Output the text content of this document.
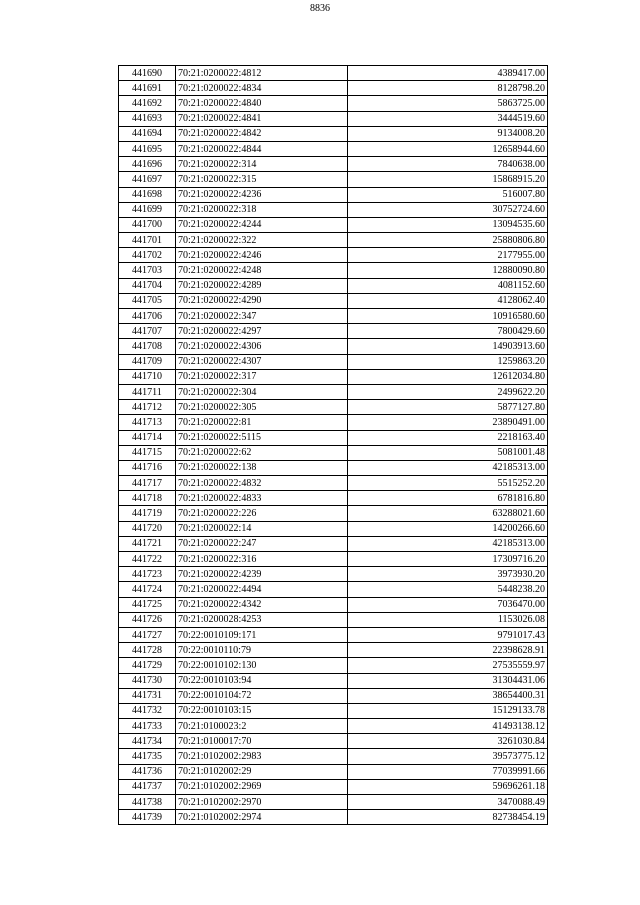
8836
441690	70:21:0200022:4812	4389417.00
441691	70:21:0200022:4834	8128798.20
441692	70:21:0200022:4840	5863725.00
441693	70:21:0200022:4841	3444519.60
441694	70:21:0200022:4842	9134008.20
441695	70:21:0200022:4844	12658944.60
441696	70:21:0200022:314	7840638.00
441697	70:21:0200022:315	15868915.20
441698	70:21:0200022:4236	516007.80
441699	70:21:0200022:318	30752724.60
441700	70:21:0200022:4244	13094535.60
441701	70:21:0200022:322	25880806.80
441702	70:21:0200022:4246	2177955.00
441703	70:21:0200022:4248	12880090.80
441704	70:21:0200022:4289	4081152.60
441705	70:21:0200022:4290	4128062.40
441706	70:21:0200022:347	10916580.60
441707	70:21:0200022:4297	7800429.60
441708	70:21:0200022:4306	14903913.60
441709	70:21:0200022:4307	1259863.20
441710	70:21:0200022:317	12612034.80
441711	70:21:0200022:304	2499622.20
441712	70:21:0200022:305	5877127.80
441713	70:21:0200022:81	23890491.00
441714	70:21:0200022:5115	2218163.40
441715	70:21:0200022:62	5081001.48
441716	70:21:0200022:138	42185313.00
441717	70:21:0200022:4832	5515252.20
441718	70:21:0200022:4833	6781816.80
441719	70:21:0200022:226	63288021.60
441720	70:21:0200022:14	14200266.60
441721	70:21:0200022:247	42185313.00
441722	70:21:0200022:316	17309716.20
441723	70:21:0200022:4239	3973930.20
441724	70:21:0200022:4494	5448238.20
441725	70:21:0200022:4342	7036470.00
441726	70:21:0200028:4253	1153026.08
441727	70:22:0010109:171	9791017.43
441728	70:22:0010110:79	22398628.91
441729	70:22:0010102:130	27535559.97
441730	70:22:0010103:94	31304431.06
441731	70:22:0010104:72	38654400.31
441732	70:22:0010103:15	15129133.78
441733	70:21:0100023:2	41493138.12
441734	70:21:0100017:70	3261030.84
441735	70:21:0102002:2983	39573775.12
441736	70:21:0102002:29	77039991.66
441737	70:21:0102002:2969	59696261.18
441738	70:21:0102002:2970	3470088.49
441739	70:21:0102002:2974	82738454.19
